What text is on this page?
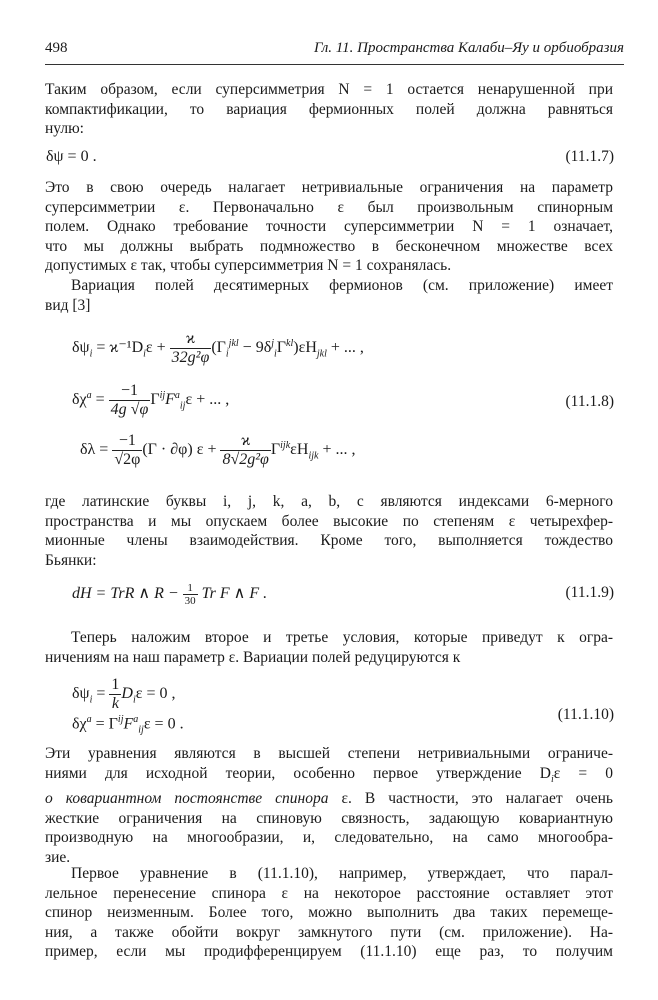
498	Гл. 11. Пространства Калаби–Яу и орбиобразия
Таким образом, если суперсимметрия N = 1 остается ненарушенной при
компактификации, то вариация фермионных полей должна равняться
нулю:
δψ = 0 .	(11.1.7)
Это в свою очередь налагает нетривиальные ограничения на параметр
суперсимметрии ε. Первоначально ε был произвольным спинорным
полем. Однако требование точности суперсимметрии N = 1 означает,
что мы должны выбрать подмножество в бесконечном множестве всех
допустимых ε так, чтобы суперсимметрия N = 1 сохранялась.
Вариация полей десятимерных фермионов (см. приложение) имеет
вид [3]
$\delta\psi_i = ϰ^{-1}D_i\varepsilon + \frac{ϰ}{\text{32g²φ}} (\Gamma_i^{jkl} - 9\delta^j_i\Gamma^{kl})\varepsilon H_{jkl}$ + ... ,
$\delta\chi^a = \frac{-1}{4g √\varphi} \Gamma^{ij}F^a_{ij}\varepsilon$ + ... ,	(11.1.8)
$\delta\lambda = \frac{-1}{√2\varphi} (\Gamma \cdot \partial\varphi) \varepsilon + \frac{ϰ}{\text{8√2g²φ}} \Gamma^{ijk}\varepsilon H_{ijk}$ + ... ,
где латинские буквы i, j, k, a, b, c являются индексами 6-мерного
пространства и мы опускаем более высокие по степеням ε четырехфер-
мионные члены взаимодействия. Кроме того, выполняется тождество
Бьянки:
dH = TrR ∧ $R - \frac{1}{30}$ Tr F ∧ F .	(11.1.9)
Теперь наложим второе и третье условия, которые приведут к огра-
ничениям на наш параметр ε. Вариации полей редуцируются к
$\delta\psi_i = \frac{1}{k} D_i\varepsilon = 0$ ,
$\delta\chi^a = \Gamma^{ij}F^a_{ij}\varepsilon = 0$ .
(11.1.10)
Эти уравнения являются в высшей степени нетривиальными ограниче-
ниями для исходной теории, особенно первое утверждение $D_i\varepsilon = 0$
о ковариантном постоянстве спинора ε. В частности, это налагает очень
жесткие ограничения на спиновую связность, задающую ковариантную
производную на многообразии, и, следовательно, на само многообра-
зие.
Первое уравнение в (11.1.10), например, утверждает, что парал-
лельное перенесение спинора ε на некоторое расстояние оставляет этот
спинор неизменным. Более того, можно выполнить два таких перемеще-
ния, а также обойти вокруг замкнутого пути (см. приложение). На-
пример, если мы продифференцируем (11.1.10) еще раз, то получим
